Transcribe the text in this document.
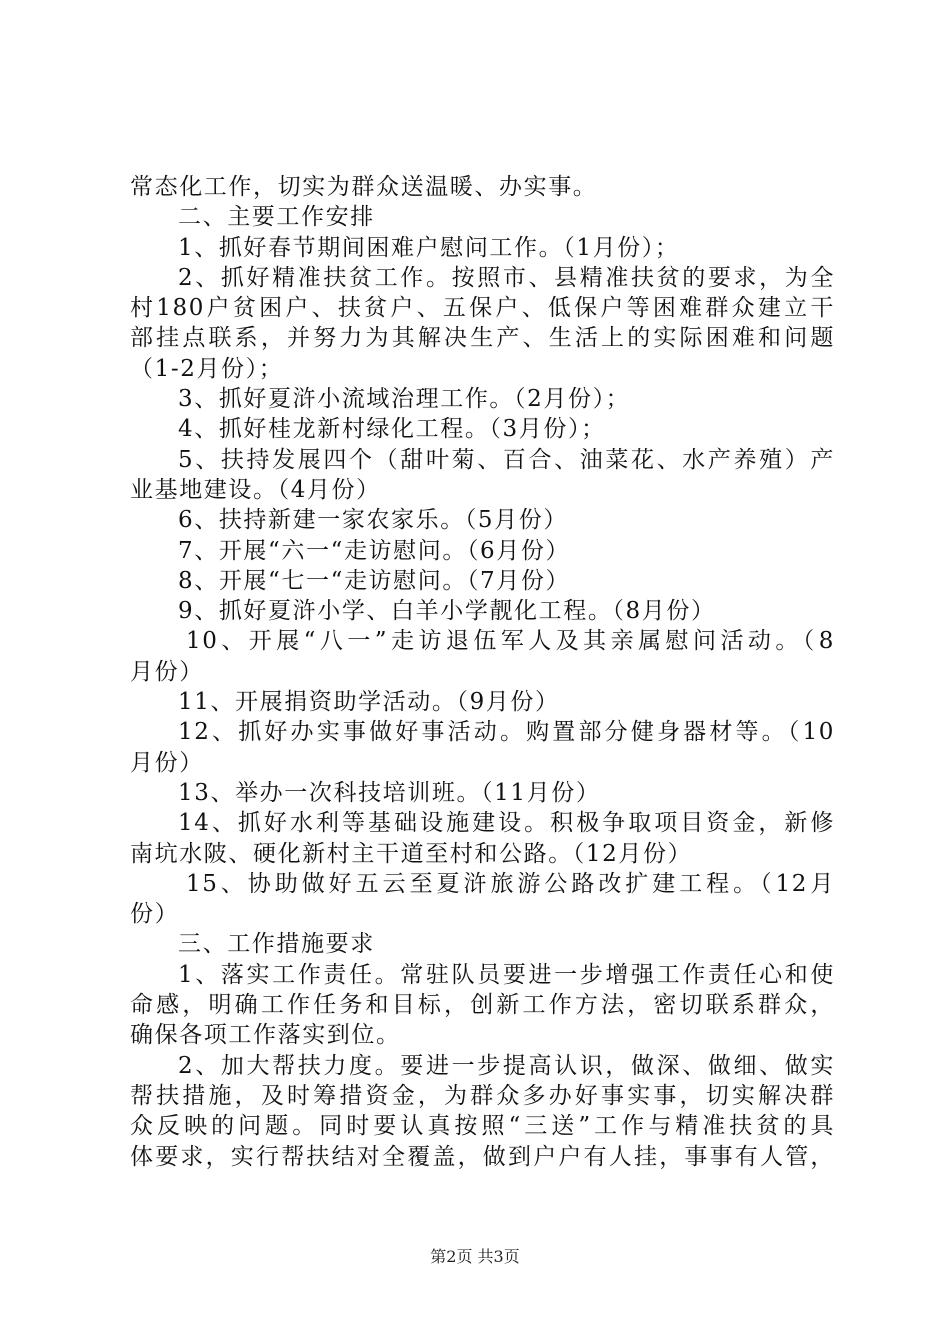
常态化工作，切实为群众送温暖、办实事。
二、主要工作安排
1、抓好春节期间困难户慰问工作。（1月份）；
2、抓好精准扶贫工作。按照市、县精准扶贫的要求，为全
村180户贫困户、扶贫户、五保户、低保户等困难群众建立干
部挂点联系，并努力为其解决生产、生活上的实际困难和问题
（1-2月份）；
3、抓好夏浒小流域治理工作。（2月份）；
4、抓好桂龙新村绿化工程。（3月份）；
5、扶持发展四个（甜叶菊、百合、油菜花、水产养殖）产
业基地建设。（4月份）
6、扶持新建一家农家乐。（5月份）
7、开展“六一“走访慰问。（6月份）
8、开展“七一“走访慰问。（7月份）
9、抓好夏浒小学、白羊小学靓化工程。（8月份）
10、开展“八一”走访退伍军人及其亲属慰问活动。（8
月份）
11、开展捐资助学活动。（9月份）
12、抓好办实事做好事活动。购置部分健身器材等。（10
月份）
13、举办一次科技培训班。（11月份）
14、抓好水利等基础设施建设。积极争取项目资金，新修
南坑水陂、硬化新村主干道至村和公路。（12月份）
15、协助做好五云至夏浒旅游公路改扩建工程。（12月
份）
三、工作措施要求
1、落实工作责任。常驻队员要进一步增强工作责任心和使
命感，明确工作任务和目标，创新工作方法，密切联系群众，
确保各项工作落实到位。
2、加大帮扶力度。要进一步提高认识，做深、做细、做实
帮扶措施，及时筹措资金，为群众多办好事实事，切实解决群
众反映的问题。同时要认真按照“三送”工作与精准扶贫的具
体要求，实行帮扶结对全覆盖，做到户户有人挂，事事有人管，
第2页 共3页
